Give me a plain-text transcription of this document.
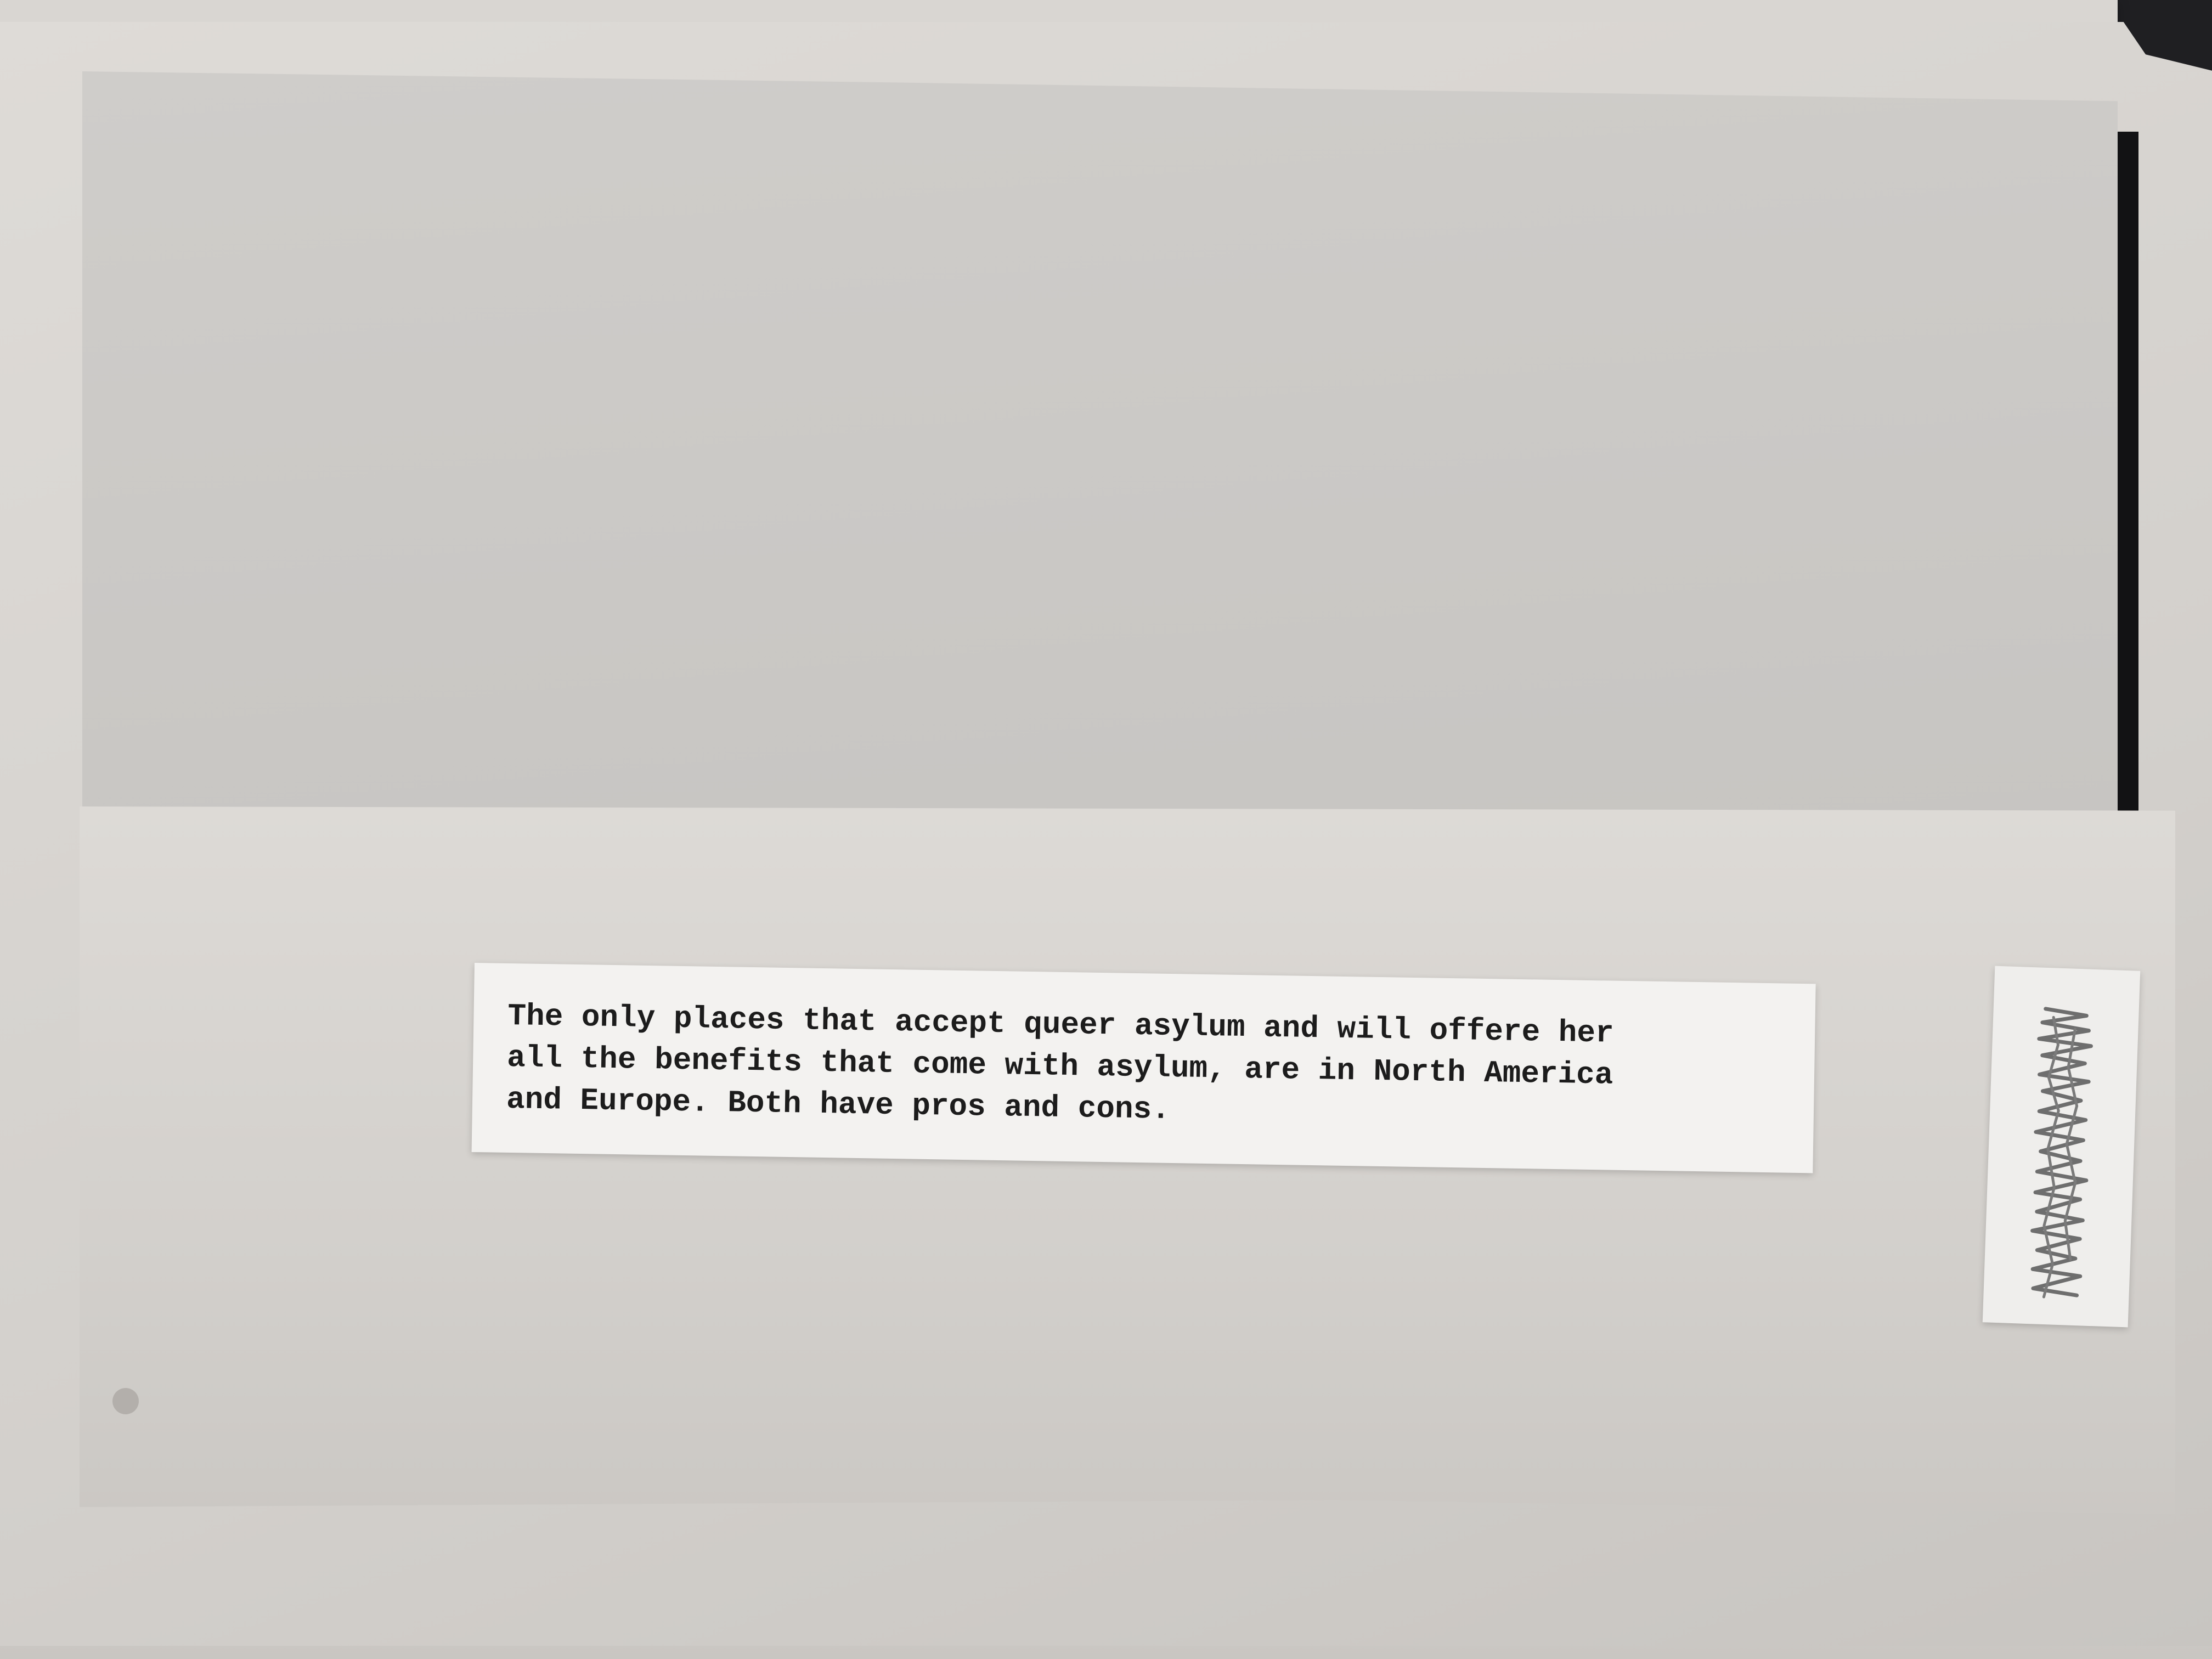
The only places that accept queer asylum and will offere her
all the benefits that come with asylum, are in North America
and Europe. Both have pros and cons.
